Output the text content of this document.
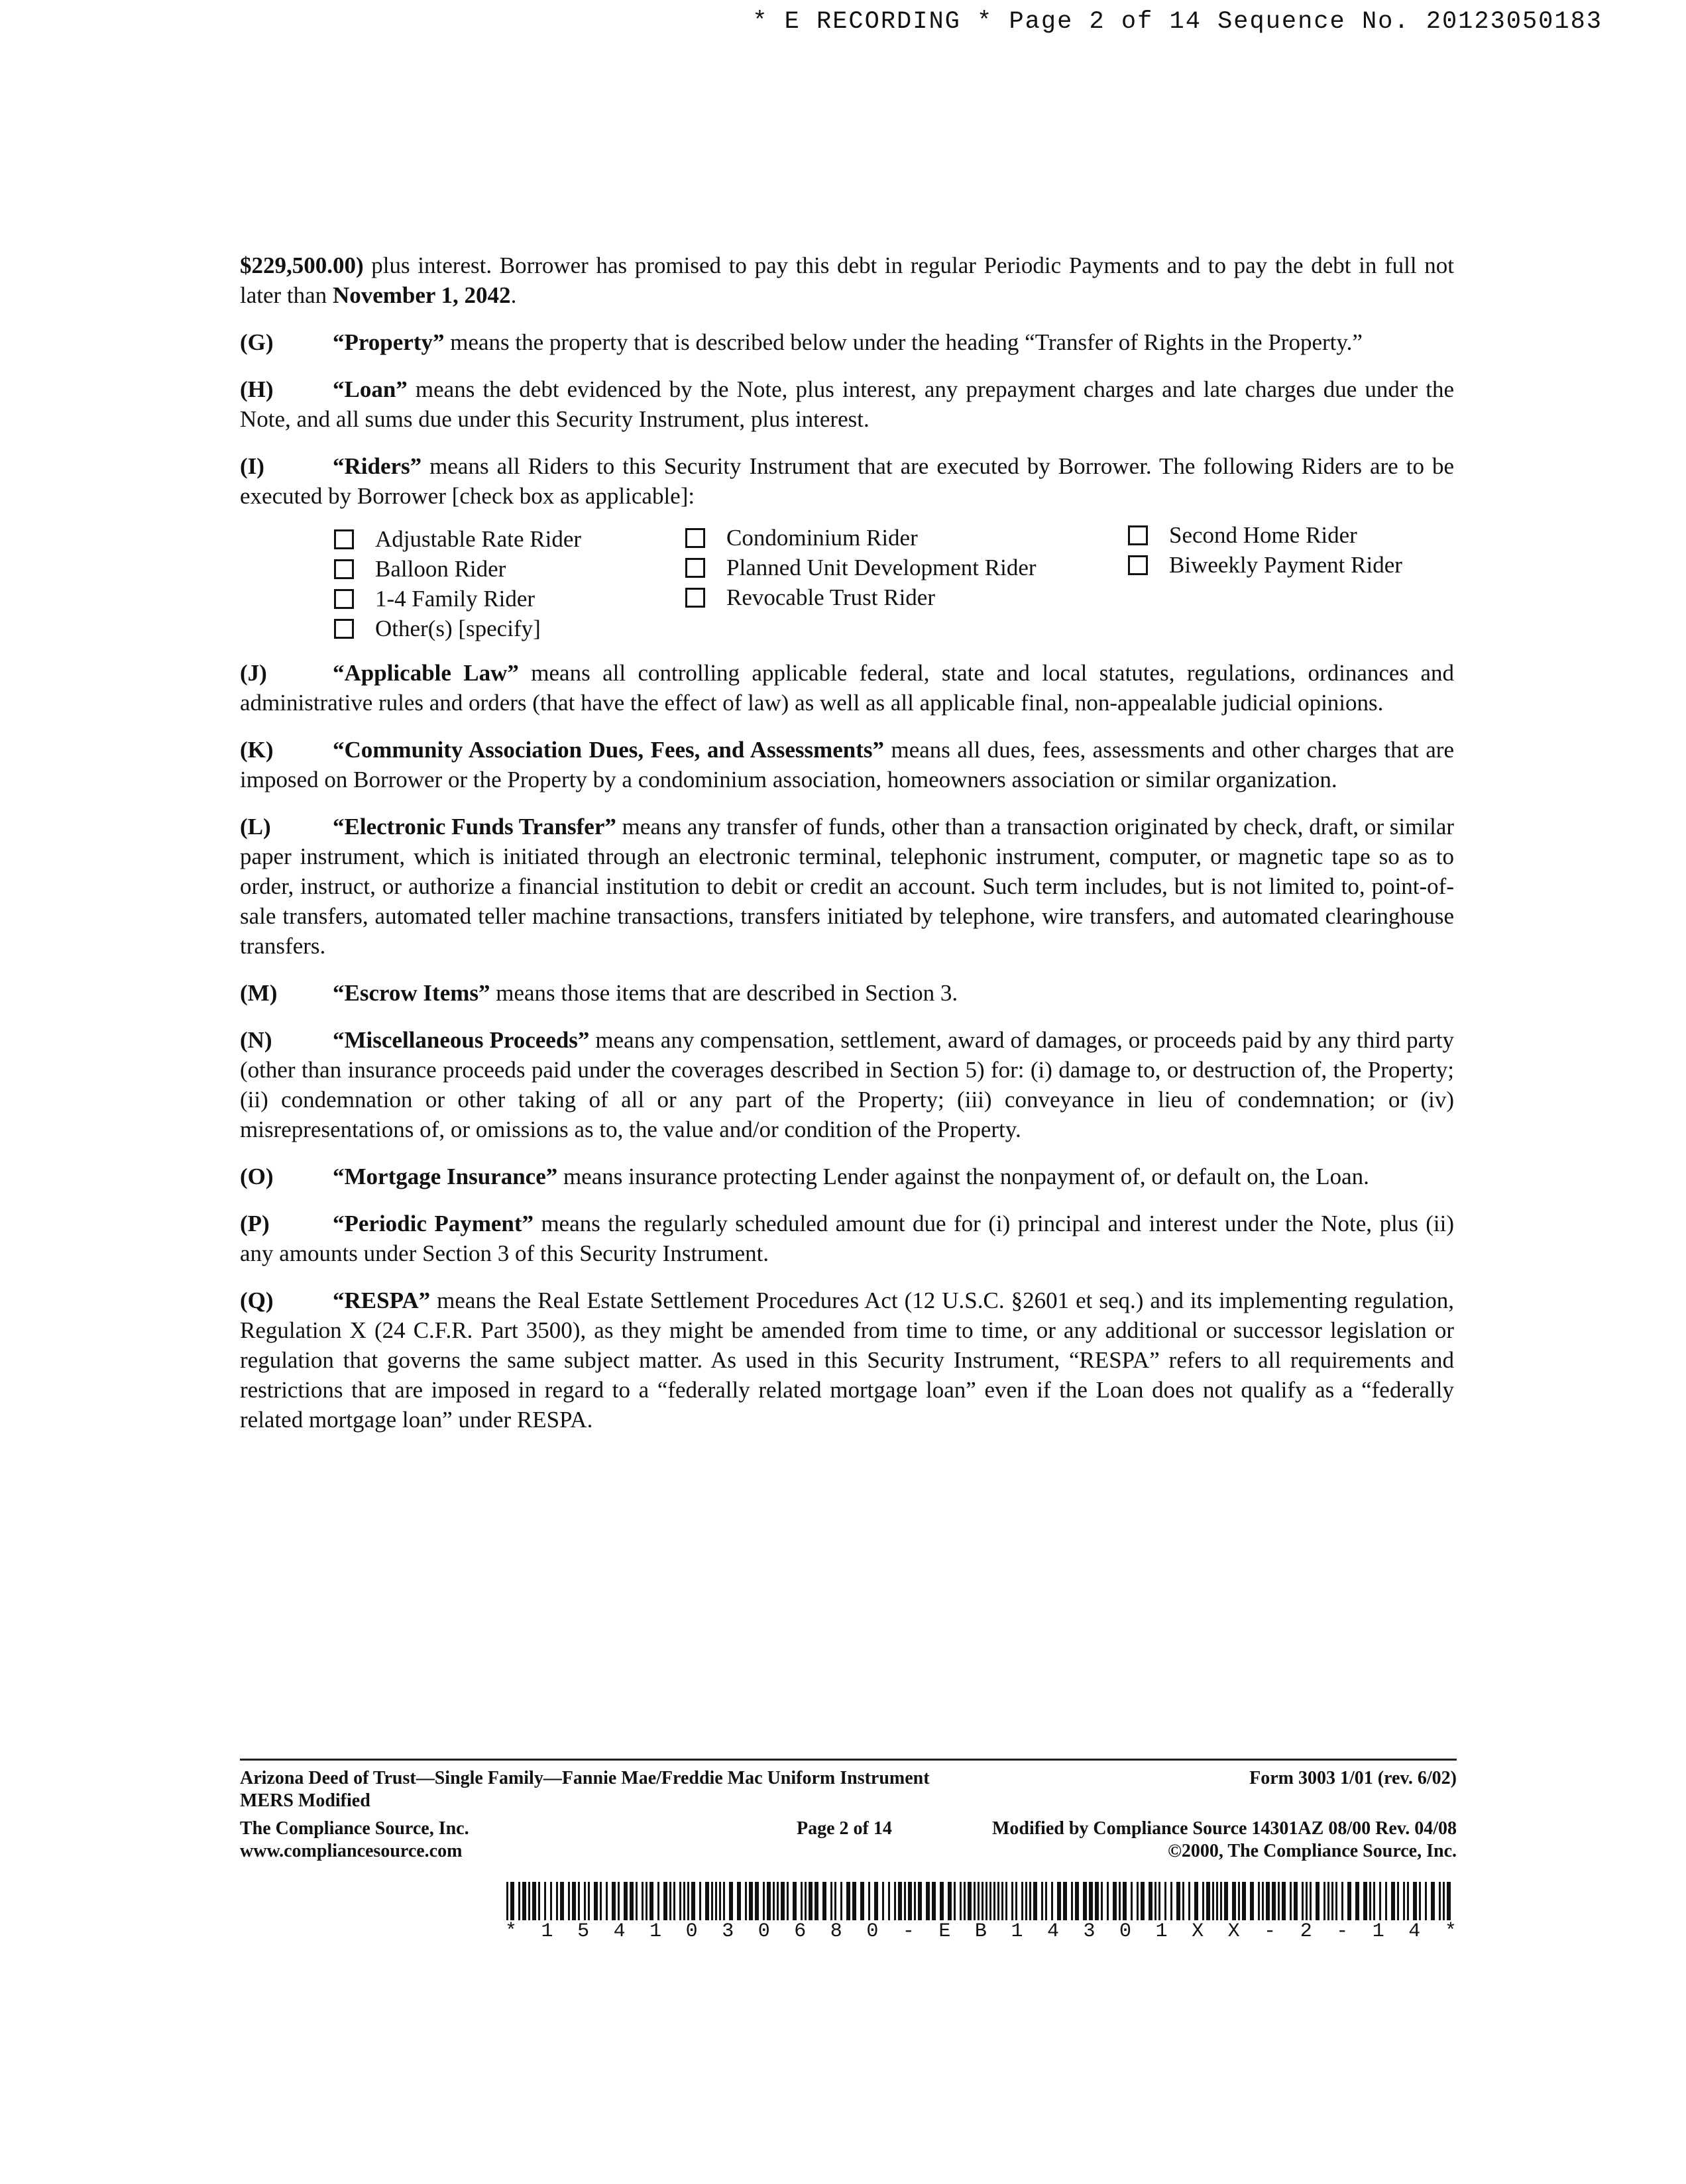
* E RECORDING * Page 2 of 14 Sequence No. 20123050183

$229,500.00) plus interest. Borrower has promised to pay this debt in regular Periodic Payments and to pay the debt in full not later than November 1, 2042.

(G)	“Property” means the property that is described below under the heading “Transfer of Rights in the Property.”

(H)	“Loan” means the debt evidenced by the Note, plus interest, any prepayment charges and late charges due under the Note, and all sums due under this Security Instrument, plus interest.

(I)	“Riders” means all Riders to this Security Instrument that are executed by Borrower. The following Riders are to be executed by Borrower [check box as applicable]:

Adjustable Rate Rider
Balloon Rider
1-4 Family Rider
Other(s) [specify]
Condominium Rider
Planned Unit Development Rider
Revocable Trust Rider
Second Home Rider
Biweekly Payment Rider

(J)	“Applicable Law” means all controlling applicable federal, state and local statutes, regulations, ordinances and administrative rules and orders (that have the effect of law) as well as all applicable final, non-appealable judicial opinions.

(K)	“Community Association Dues, Fees, and Assessments” means all dues, fees, assessments and other charges that are imposed on Borrower or the Property by a condominium association, homeowners association or similar organization.

(L)	“Electronic Funds Transfer” means any transfer of funds, other than a transaction originated by check, draft, or similar paper instrument, which is initiated through an electronic terminal, telephonic instrument, computer, or magnetic tape so as to order, instruct, or authorize a financial institution to debit or credit an account. Such term includes, but is not limited to, point-of-sale transfers, automated teller machine transactions, transfers initiated by telephone, wire transfers, and automated clearinghouse transfers.

(M) “Escrow Items” means those items that are described in Section 3.

(N)	“Miscellaneous Proceeds” means any compensation, settlement, award of damages, or proceeds paid by any third party (other than insurance proceeds paid under the coverages described in Section 5) for: (i) damage to, or destruction of, the Property; (ii) condemnation or other taking of all or any part of the Property; (iii) conveyance in lieu of condemnation; or (iv) misrepresentations of, or omissions as to, the value and/or condition of the Property.

(O)	“Mortgage Insurance” means insurance protecting Lender against the nonpayment of, or default on, the Loan.

(P)	“Periodic Payment” means the regularly scheduled amount due for (i) principal and interest under the Note, plus (ii) any amounts under Section 3 of this Security Instrument.

(Q)	“RESPA” means the Real Estate Settlement Procedures Act (12 U.S.C. §2601 et seq.) and its implementing regulation, Regulation X (24 C.F.R. Part 3500), as they might be amended from time to time, or any additional or successor legislation or regulation that governs the same subject matter. As used in this Security Instrument, “RESPA” refers to all requirements and restrictions that are imposed in regard to a “federally related mortgage loan” even if the Loan does not qualify as a “federally related mortgage loan” under RESPA.

Arizona Deed of Trust—Single Family—Fannie Mae/Freddie Mac Uniform Instrument	Form 3003 1/01 (rev. 6/02)
MERS Modified
The Compliance Source, Inc.	Page 2 of 14	Modified by Compliance Source 14301AZ 08/00 Rev. 04/08
www.compliancesource.com	©2000, The Compliance Source, Inc.
* 1 5 4 1 0 3 0 6 8 0 - E B 1 4 3 0 1 X X - 2 - 1 4 *
